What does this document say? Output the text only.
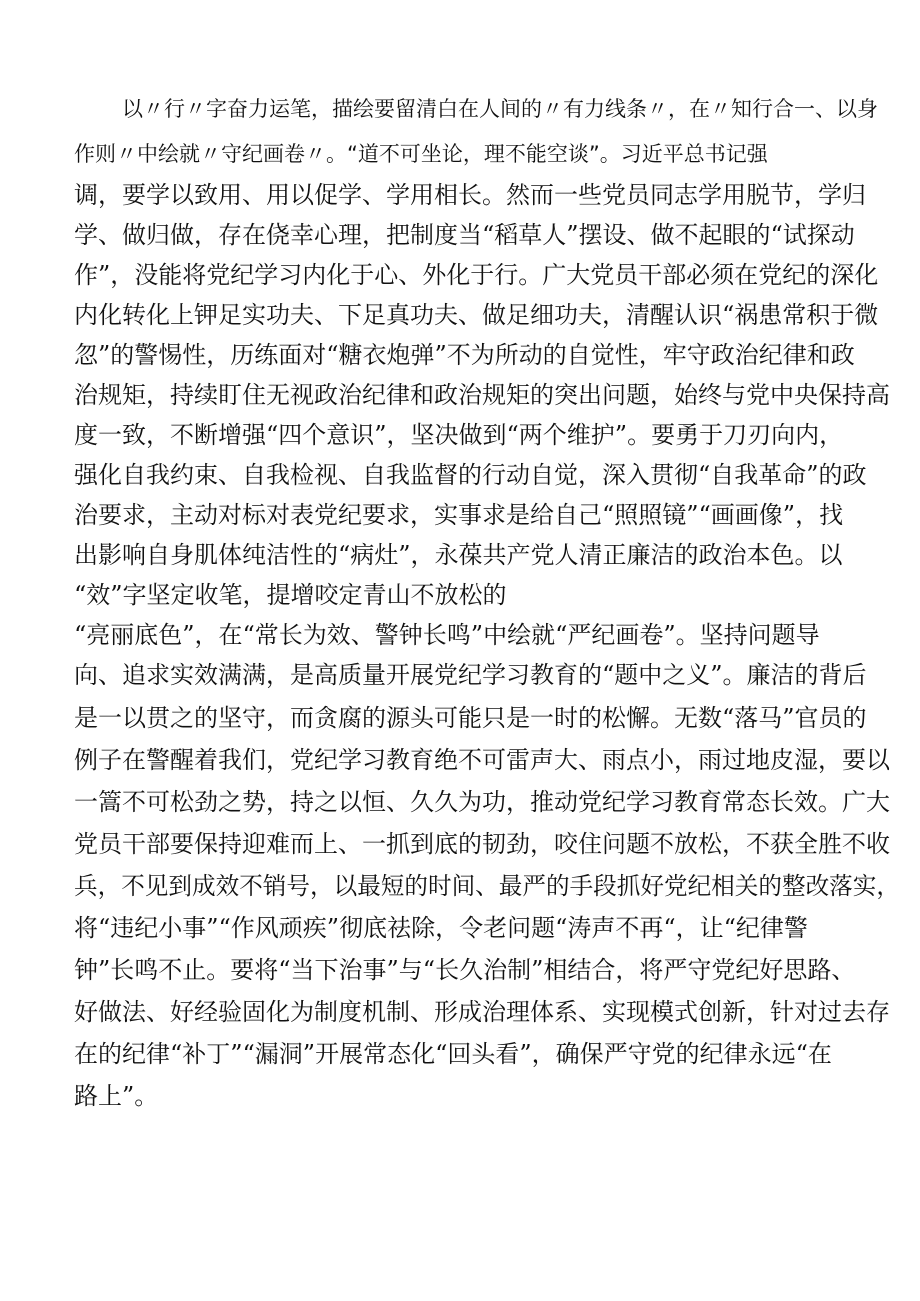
以〃行〃字奋力运笔，描绘要留清白在人间的〃有力线条〃，在〃知行合一、以身
作则〃中绘就〃守纪画卷〃。“道不可坐论，理不能空谈”。习近平总书记强
调，要学以致用、用以促学、学用相长。然而一些党员同志学用脱节，学归
学、做归做，存在侥幸心理，把制度当“稻草人”摆设、做不起眼的“试探动
作”，没能将党纪学习内化于心、外化于行。广大党员干部必须在党纪的深化
内化转化上钾足实功夫、下足真功夫、做足细功夫，清醒认识“祸患常积于微
忽”的警惕性，历练面对“糖衣炮弹”不为所动的自觉性，牢守政治纪律和政
治规矩，持续盯住无视政治纪律和政治规矩的突出问题，始终与党中央保持高
度一致，不断增强“四个意识”，坚决做到“两个维护”。要勇于刀刃向内，
强化自我约束、自我检视、自我监督的行动自觉，深入贯彻“自我革命”的政
治要求，主动对标对表党纪要求，实事求是给自己“照照镜”“画画像”，找
出影响自身肌体纯洁性的“病灶”，永葆共产党人清正廉洁的政治本色。以
“效”字坚定收笔，提增咬定青山不放松的
“亮丽底色”，在“常长为效、警钟长鸣”中绘就“严纪画卷”。坚持问题导
向、追求实效满满，是高质量开展党纪学习教育的“题中之义”。廉洁的背后
是一以贯之的坚守，而贪腐的源头可能只是一时的松懈。无数“落马”官员的
例子在警醒着我们，党纪学习教育绝不可雷声大、雨点小，雨过地皮湿，要以
一篙不可松劲之势，持之以恒、久久为功，推动党纪学习教育常态长效。广大
党员干部要保持迎难而上、一抓到底的韧劲，咬住问题不放松，不获全胜不收
兵，不见到成效不销号，以最短的时间、最严的手段抓好党纪相关的整改落实，
将“违纪小事”“作风顽疾”彻底祛除，令老问题“涛声不再“，让“纪律警
钟”长鸣不止。要将“当下治事”与“长久治制”相结合，将严守党纪好思路、
好做法、好经验固化为制度机制、形成治理体系、实现模式创新，针对过去存
在的纪律“补丁”“漏洞”开展常态化“回头看”，确保严守党的纪律永远“在
路上”。
